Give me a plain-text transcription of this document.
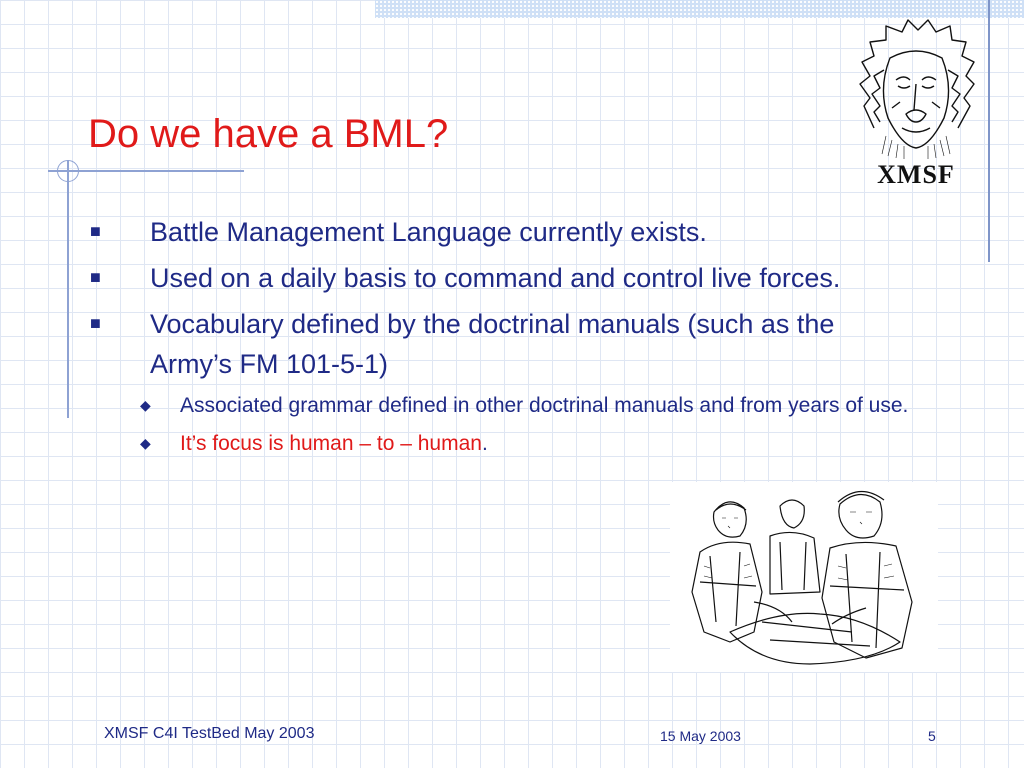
Do we have a BML?
■	Battle Management Language currently exists.
■	Used on a daily basis to command and control live forces.
■	Vocabulary defined by the doctrinal manuals (such as the Army’s FM 101-5-1)
◆	Associated grammar defined in other doctrinal manuals and from years of use.
◆	It’s focus is human – to – human.
XMSF
XMSF C4I TestBed May 2003	15 May 2003	5
